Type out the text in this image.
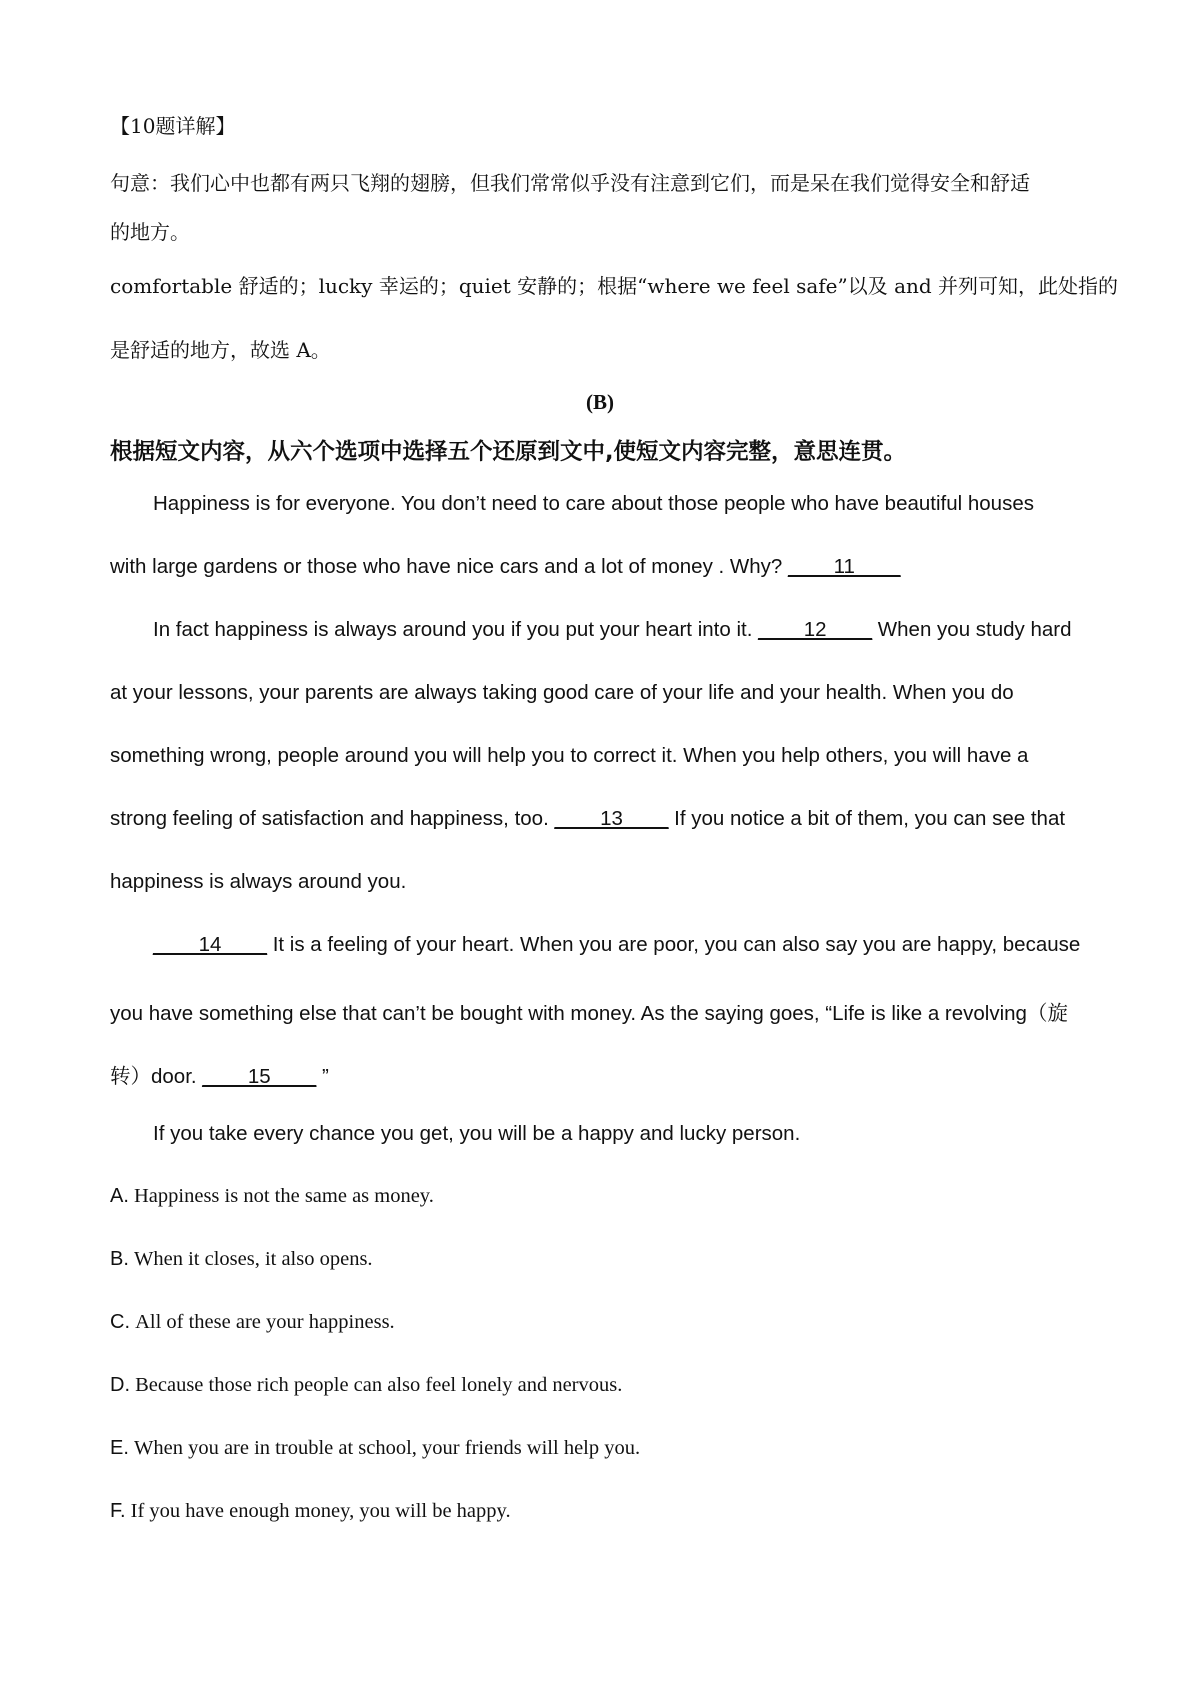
【10题详解】
句意：我们心中也都有两只飞翔的翅膀，但我们常常似乎没有注意到它们，而是呆在我们觉得安全和舒适
的地方。
comfortable 舒适的；lucky 幸运的；quiet 安静的；根据“where we feel safe”以及 and 并列可知，此处指的
是舒适的地方，故选 A。
(B)
根据短文内容，从六个选项中选择五个还原到文中,使短文内容完整，意思连贯。
Happiness is for everyone. You don’t need to care about those people who have beautiful houses
with large gardens or those who have nice cars and a lot of money . Why? ____11____
In fact happiness is always around you if you put your heart into it. ____12____ When you study hard
at your lessons, your parents are always taking good care of your life and your health. When you do
something wrong, people around you will help you to correct it. When you help others, you will have a
strong feeling of satisfaction and happiness, too. ____13____ If you notice a bit of them, you can see that
happiness is always around you.
____14____ It is a feeling of your heart. When you are poor, you can also say you are happy, because
you have something else that can’t be bought with money. As the saying goes, “Life is like a revolving（旋
转）door. ____15____ ”
If you take every chance you get, you will be a happy and lucky person.
A. Happiness is not the same as money.
B. When it closes, it also opens.
C. All of these are your happiness.
D. Because those rich people can also feel lonely and nervous.
E. When you are in trouble at school, your friends will help you.
F. If you have enough money, you will be happy.
